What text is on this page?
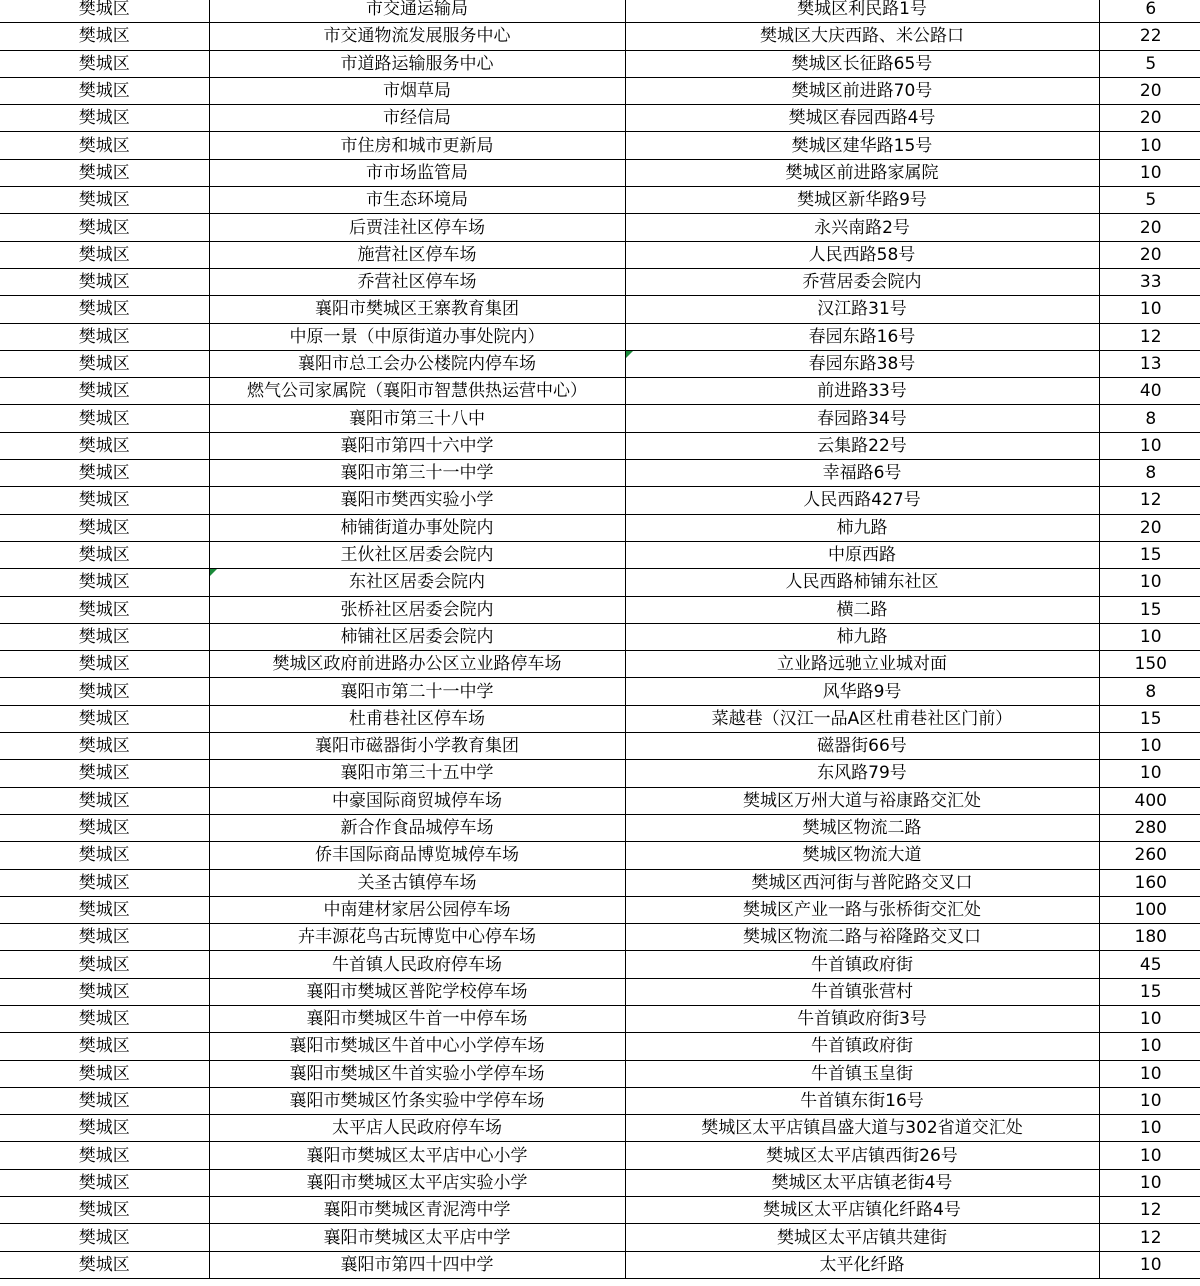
樊城区	市交通运输局	樊城区利民路1号	6
樊城区	市交通物流发展服务中心	樊城区大庆西路、米公路口	22
樊城区	市道路运输服务中心	樊城区长征路65号	5
樊城区	市烟草局	樊城区前进路70号	20
樊城区	市经信局	樊城区春园西路4号	20
樊城区	市住房和城市更新局	樊城区建华路15号	10
樊城区	市市场监管局	樊城区前进路家属院	10
樊城区	市生态环境局	樊城区新华路9号	5
樊城区	后贾洼社区停车场	永兴南路2号	20
樊城区	施营社区停车场	人民西路58号	20
樊城区	乔营社区停车场	乔营居委会院内	33
樊城区	襄阳市樊城区王寨教育集团	汉江路31号	10
樊城区	中原一景（中原街道办事处院内）	春园东路16号	12
樊城区	襄阳市总工会办公楼院内停车场	春园东路38号	13
樊城区	燃气公司家属院（襄阳市智慧供热运营中心）	前进路33号	40
樊城区	襄阳市第三十八中	春园路34号	8
樊城区	襄阳市第四十六中学	云集路22号	10
樊城区	襄阳市第三十一中学	幸福路6号	8
樊城区	襄阳市樊西实验小学	人民西路427号	12
樊城区	柿铺街道办事处院内	柿九路	20
樊城区	王伙社区居委会院内	中原西路	15
樊城区	东社区居委会院内	人民西路柿铺东社区	10
樊城区	张桥社区居委会院内	横二路	15
樊城区	柿铺社区居委会院内	柿九路	10
樊城区	樊城区政府前进路办公区立业路停车场	立业路远驰立业城对面	150
樊城区	襄阳市第二十一中学	风华路9号	8
樊城区	杜甫巷社区停车场	菜越巷（汉江一品A区杜甫巷社区门前）	15
樊城区	襄阳市磁器街小学教育集团	磁器街66号	10
樊城区	襄阳市第三十五中学	东风路79号	10
樊城区	中豪国际商贸城停车场	樊城区万州大道与裕康路交汇处	400
樊城区	新合作食品城停车场	樊城区物流二路	280
樊城区	侨丰国际商品博览城停车场	樊城区物流大道	260
樊城区	关圣古镇停车场	樊城区西河街与普陀路交叉口	160
樊城区	中南建材家居公园停车场	樊城区产业一路与张桥街交汇处	100
樊城区	卉丰源花鸟古玩博览中心停车场	樊城区物流二路与裕隆路交叉口	180
樊城区	牛首镇人民政府停车场	牛首镇政府街	45
樊城区	襄阳市樊城区普陀学校停车场	牛首镇张营村	15
樊城区	襄阳市樊城区牛首一中停车场	牛首镇政府街3号	10
樊城区	襄阳市樊城区牛首中心小学停车场	牛首镇政府街	10
樊城区	襄阳市樊城区牛首实验小学停车场	牛首镇玉皇街	10
樊城区	襄阳市樊城区竹条实验中学停车场	牛首镇东街16号	10
樊城区	太平店人民政府停车场	樊城区太平店镇昌盛大道与302省道交汇处	10
樊城区	襄阳市樊城区太平店中心小学	樊城区太平店镇西街26号	10
樊城区	襄阳市樊城区太平店实验小学	樊城区太平店镇老街4号	10
樊城区	襄阳市樊城区青泥湾中学	樊城区太平店镇化纤路4号	12
樊城区	襄阳市樊城区太平店中学	樊城区太平店镇共建街	12
樊城区	襄阳市第四十四中学	太平化纤路	10
